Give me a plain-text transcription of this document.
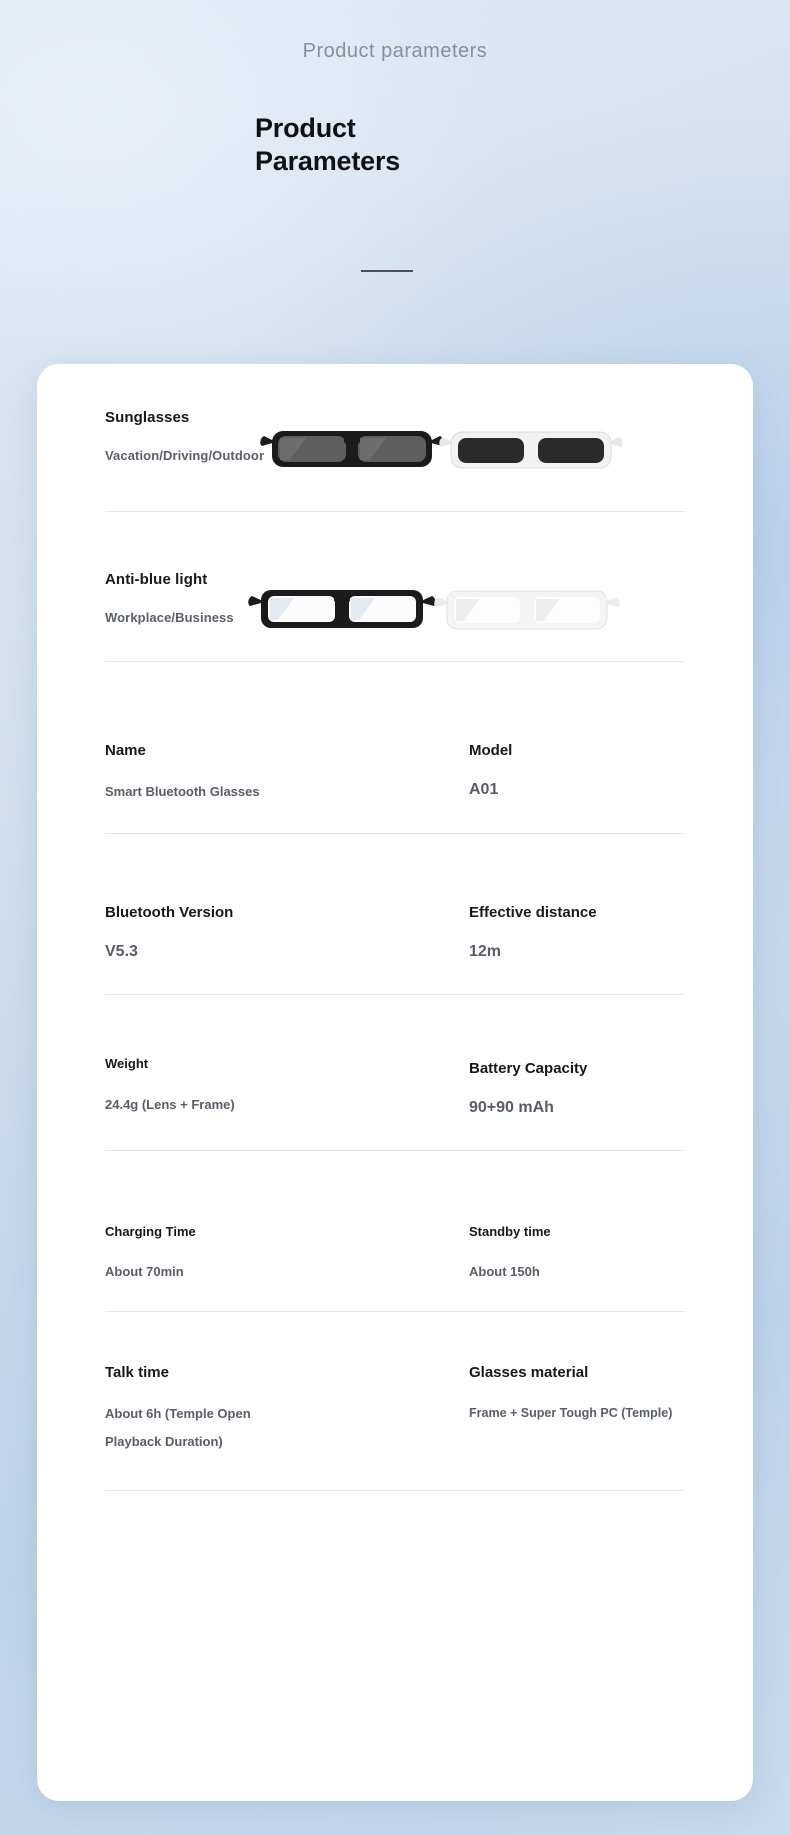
Product parameters
Product
Parameters
Sunglasses
Vacation/Driving/Outdoor
Anti-blue light
Workplace/Business
Name
Smart Bluetooth Glasses
Model
A01
Bluetooth Version
V5.3
Effective distance
12m
Weight
24.4g (Lens + Frame)
Battery Capacity
90+90 mAh
Charging Time
About 70min
Standby time
About 150h
Talk time
About 6h (Temple Open
Playback Duration)
Glasses material
Frame + Super Tough PC (Temple)
